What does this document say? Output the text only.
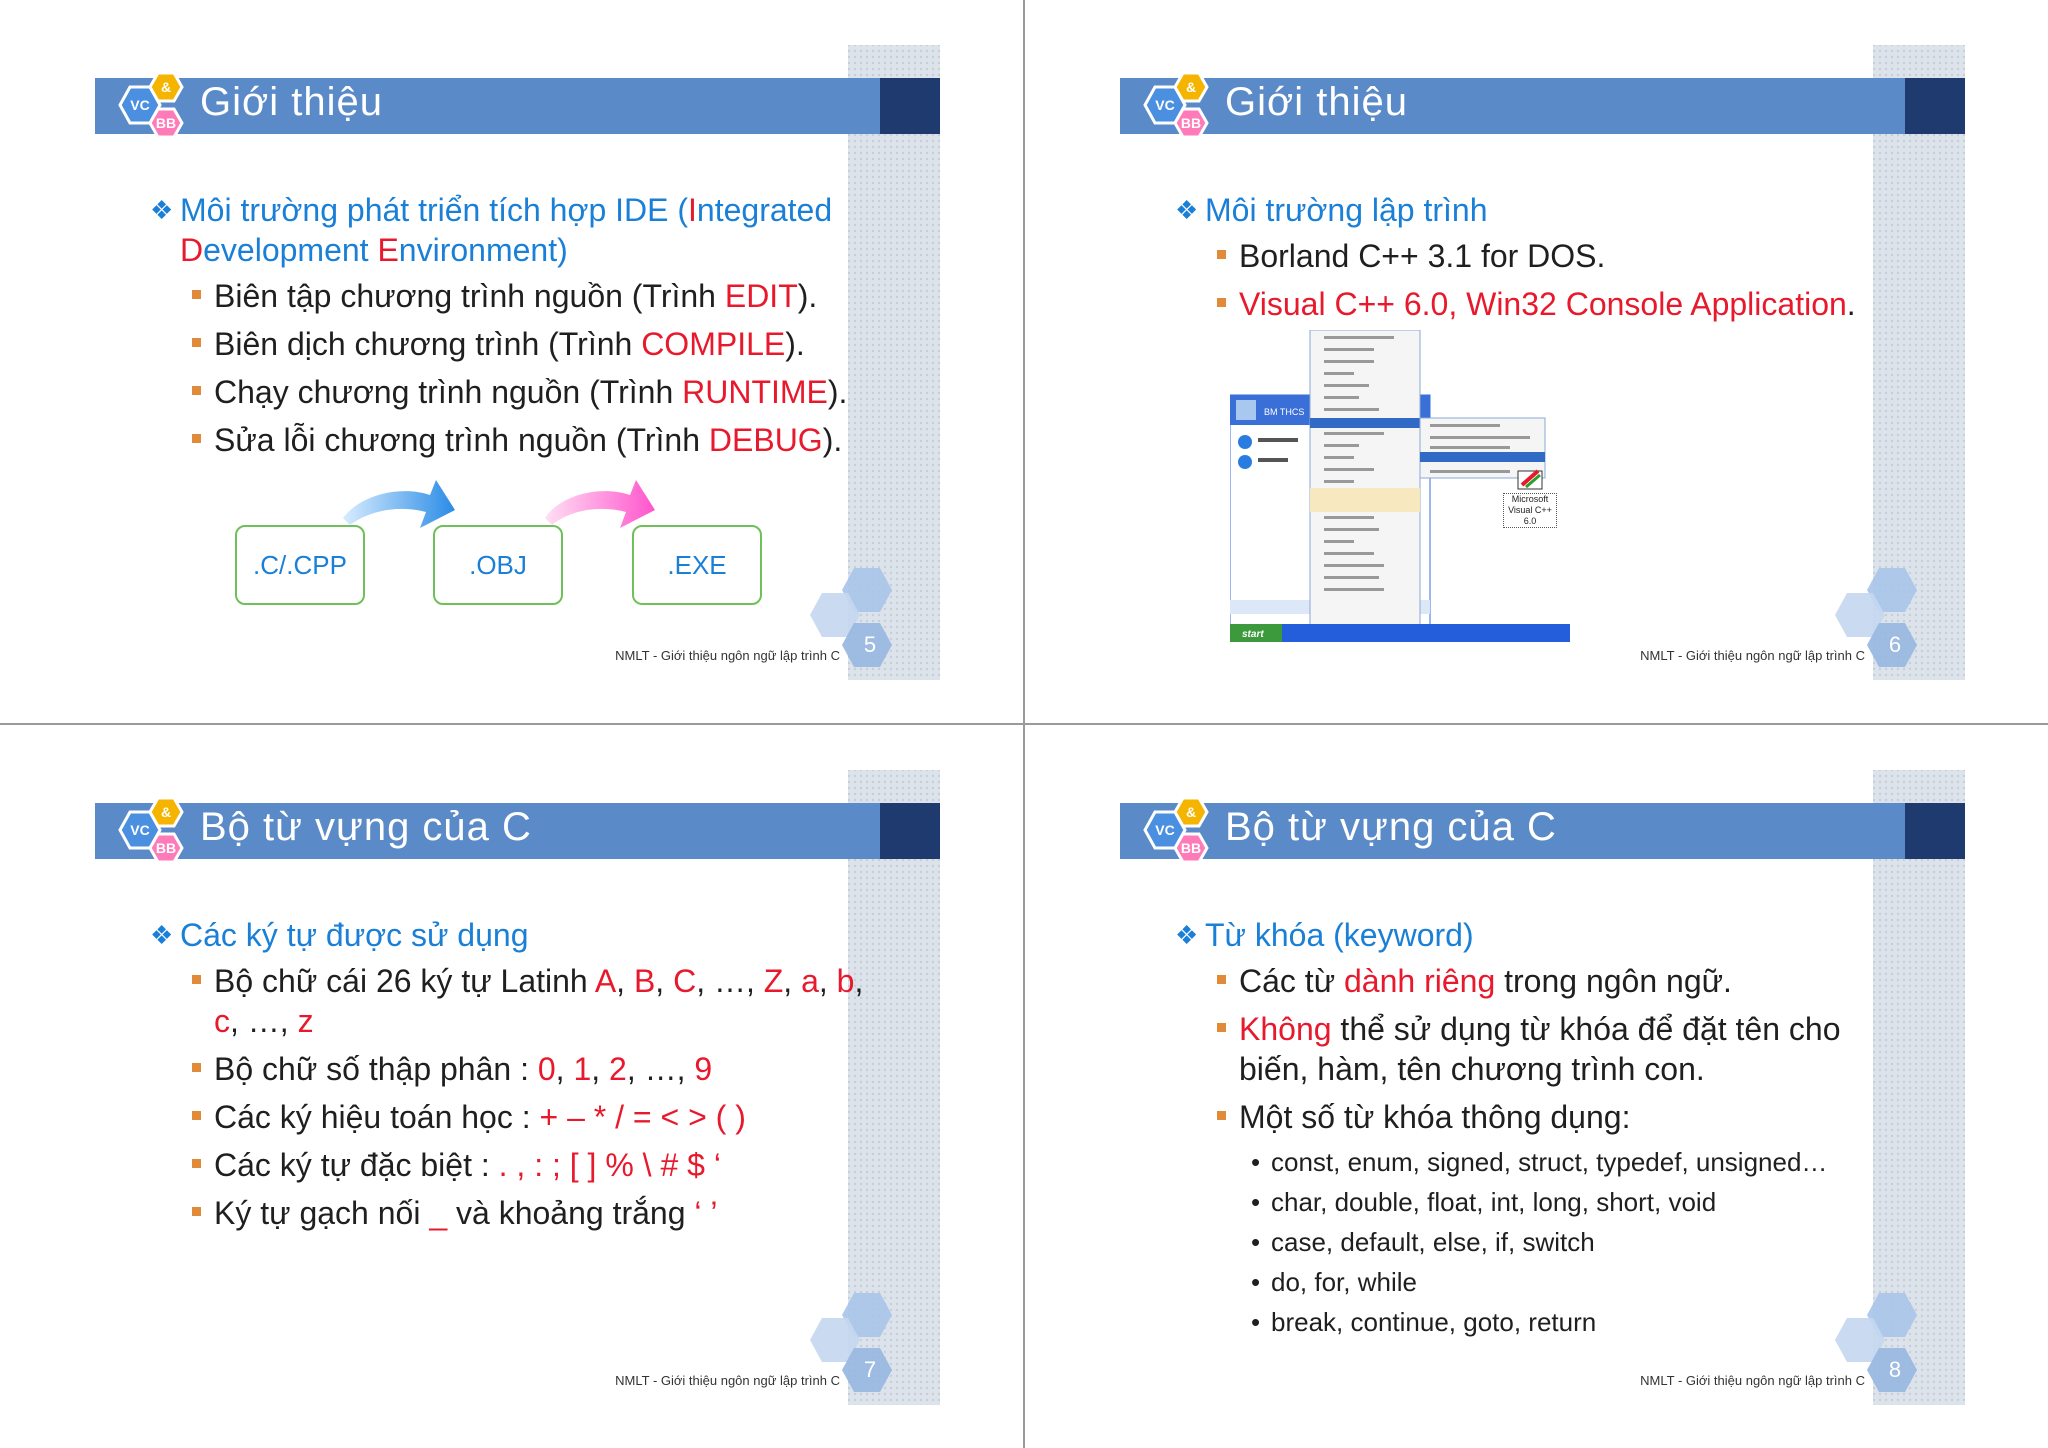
VC
&
BB Giới thiệu
❖ Môi trường phát triển tích hợp IDE (Integrated
Development Environment)
Biên tập chương trình nguồn (Trình EDIT).
Biên dịch chương trình (Trình COMPILE).
Chạy chương trình nguồn (Trình RUNTIME).
Sửa lỗi chương trình nguồn (Trình DEBUG).
.C/.CPP	.OBJ	.EXE
NMLT - Giới thiệu ngôn ngữ lập trình C	5
VC
&
BB Giới thiệu
❖ Môi trường lập trình
Borland C++ 3.1 for DOS.
Visual C++ 6.0, Win32 Console Application.
BM THCS
start
Microsoft Visual C++ 6.0
NMLT - Giới thiệu ngôn ngữ lập trình C	6
VC
&
BB Bộ từ vựng của C
❖ Các ký tự được sử dụng
Bộ chữ cái 26 ký tự Latinh A, B, C, …, Z, a, b,
c, …, z
Bộ chữ số thập phân : 0, 1, 2, …, 9
Các ký hiệu toán học : + – * / = < > ( )
Các ký tự đặc biệt : . , : ; [ ] % \ # $ ‘
Ký tự gạch nối _ và khoảng trắng ‘ ’
NMLT - Giới thiệu ngôn ngữ lập trình C	7
VC
&
BB Bộ từ vựng của C
❖ Từ khóa (keyword)
Các từ dành riêng trong ngôn ngữ.
Không thể sử dụng từ khóa để đặt tên cho biến, hàm, tên chương trình con.
Một số từ khóa thông dụng:
• const, enum, signed, struct, typedef, unsigned…
• char, double, float, int, long, short, void
• case, default, else, if, switch
• do, for, while
• break, continue, goto, return
NMLT - Giới thiệu ngôn ngữ lập trình C	8
